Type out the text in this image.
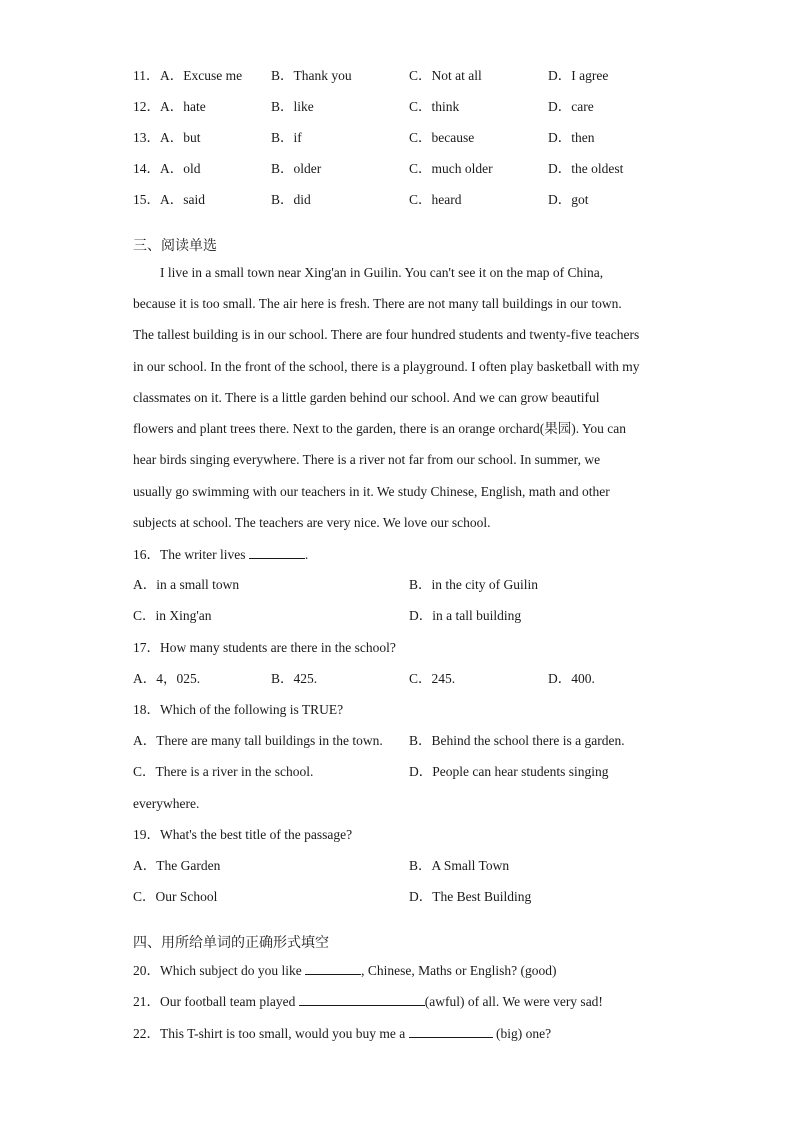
11． A．Excuse me B．Thank you	C．Not at all	D．I agree
12． A．hate	B．like	C．think	D．care
13． A．but	B．if	C．because	D．then
14． A．old	B．older	C．much older	D．the oldest
15． A．said	B．did	C．heard	D．got
三、阅读单选
I live in a small town near Xing'an in Guilin. You can't see it on the map of China,
because it is too small. The air here is fresh. There are not many tall buildings in our town.
The tallest building is in our school. There are four hundred students and twenty-five teachers
in our school. In the front of the school, there is a playground. I often play basketball with my
classmates on it. There is a little garden behind our school. And we can grow beautiful
flowers and plant trees there. Next to the garden, there is an orange orchard(果园). You can
hear birds singing everywhere. There is a river not far from our school. In summer, we
usually go swimming with our teachers in it. We study Chinese, English, math and other
subjects at school. The teachers are very nice. We love our school.
16．The writer lives	.
A．in a small town	B．in the city of Guilin
C．in Xing'an	D．in a tall building
17．How many students are there in the school?
A．4，025.	B．425.	C．245.	D．400.
18．Which of the following is TRUE?
A．There are many tall buildings in the town. B．Behind the school there is a garden.
C．There is a river in the school.	D．People can hear students singing
everywhere.
19．What's the best title of the passage?
A．The Garden	B．A Small Town
C．Our School	D．The Best Building
四、用所给单词的正确形式填空
20．Which subject do you like	, Chinese, Maths or English? (good)
21．Our football team played	(awful) of all. We were very sad!
22．This T-shirt is too small, would you buy me a	(big) one?
